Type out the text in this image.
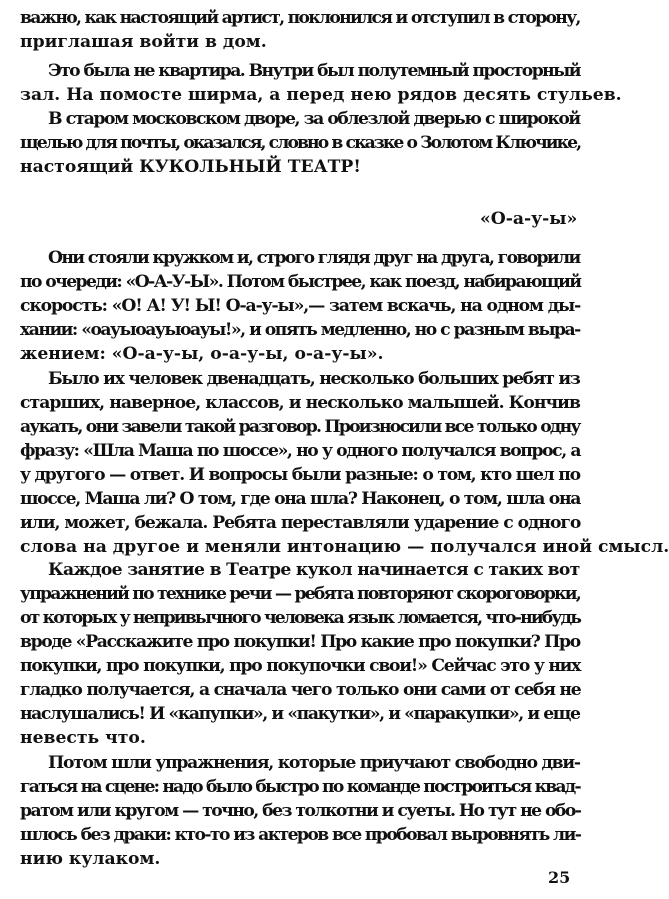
важно, как настоящий артист, поклонился и отступил в сторону,
приглашая войти в дом.
Это была не квартира. Внутри был полутемный просторный
зал. На помосте ширма, а перед нею рядов десять стульев.
В старом московском дворе, за облезлой дверью с широкой
щелью для почты, оказался, словно в сказке о Золотом Ключике,
настоящий КУКОЛЬНЫЙ ТЕАТР!
«О-а-у-ы»
Они стояли кружком и, строго глядя друг на друга, говорили
по очереди: «О-А-У-Ы». Потом быстрее, как поезд, набирающий
скорость: «О! А! У! Ы! О-а-у-ы»,— затем вскачь, на одном ды-
хании: «оауыоауыоауы!», и опять медленно, но с разным выра-
жением: «О-а-у-ы, о-а-у-ы, о-а-у-ы».
Было их человек двенадцать, несколько больших ребят из
старших, наверное, классов, и несколько малышей. Кончив
аукать, они завели такой разговор. Произносили все только одну
фразу: «Шла Маша по шоссе», но у одного получался вопрос, а
у другого — ответ. И вопросы были разные: о том, кто шел по
шоссе, Маша ли? О том, где она шла? Наконец, о том, шла она
или, может, бежала. Ребята переставляли ударение с одного
слова на другое и меняли интонацию — получался иной смысл.
Каждое занятие в Театре кукол начинается с таких вот
упражнений по технике речи — ребята повторяют скороговорки,
от которых у непривычного человека язык ломается, что-нибудь
вроде «Расскажите про покупки! Про какие про покупки? Про
покупки, про покупки, про покупочки свои!» Сейчас это у них
гладко получается, а сначала чего только они сами от себя не
наслушались! И «капупки», и «пакутки», и «паракупки», и еще
невесть что.
Потом шли упражнения, которые приучают свободно дви-
гаться на сцене: надо было быстро по команде построиться квад-
ратом или кругом — точно, без толкотни и суеты. Но тут не обо-
шлось без драки: кто-то из актеров все пробовал выровнять ли-
нию кулаком.
25
